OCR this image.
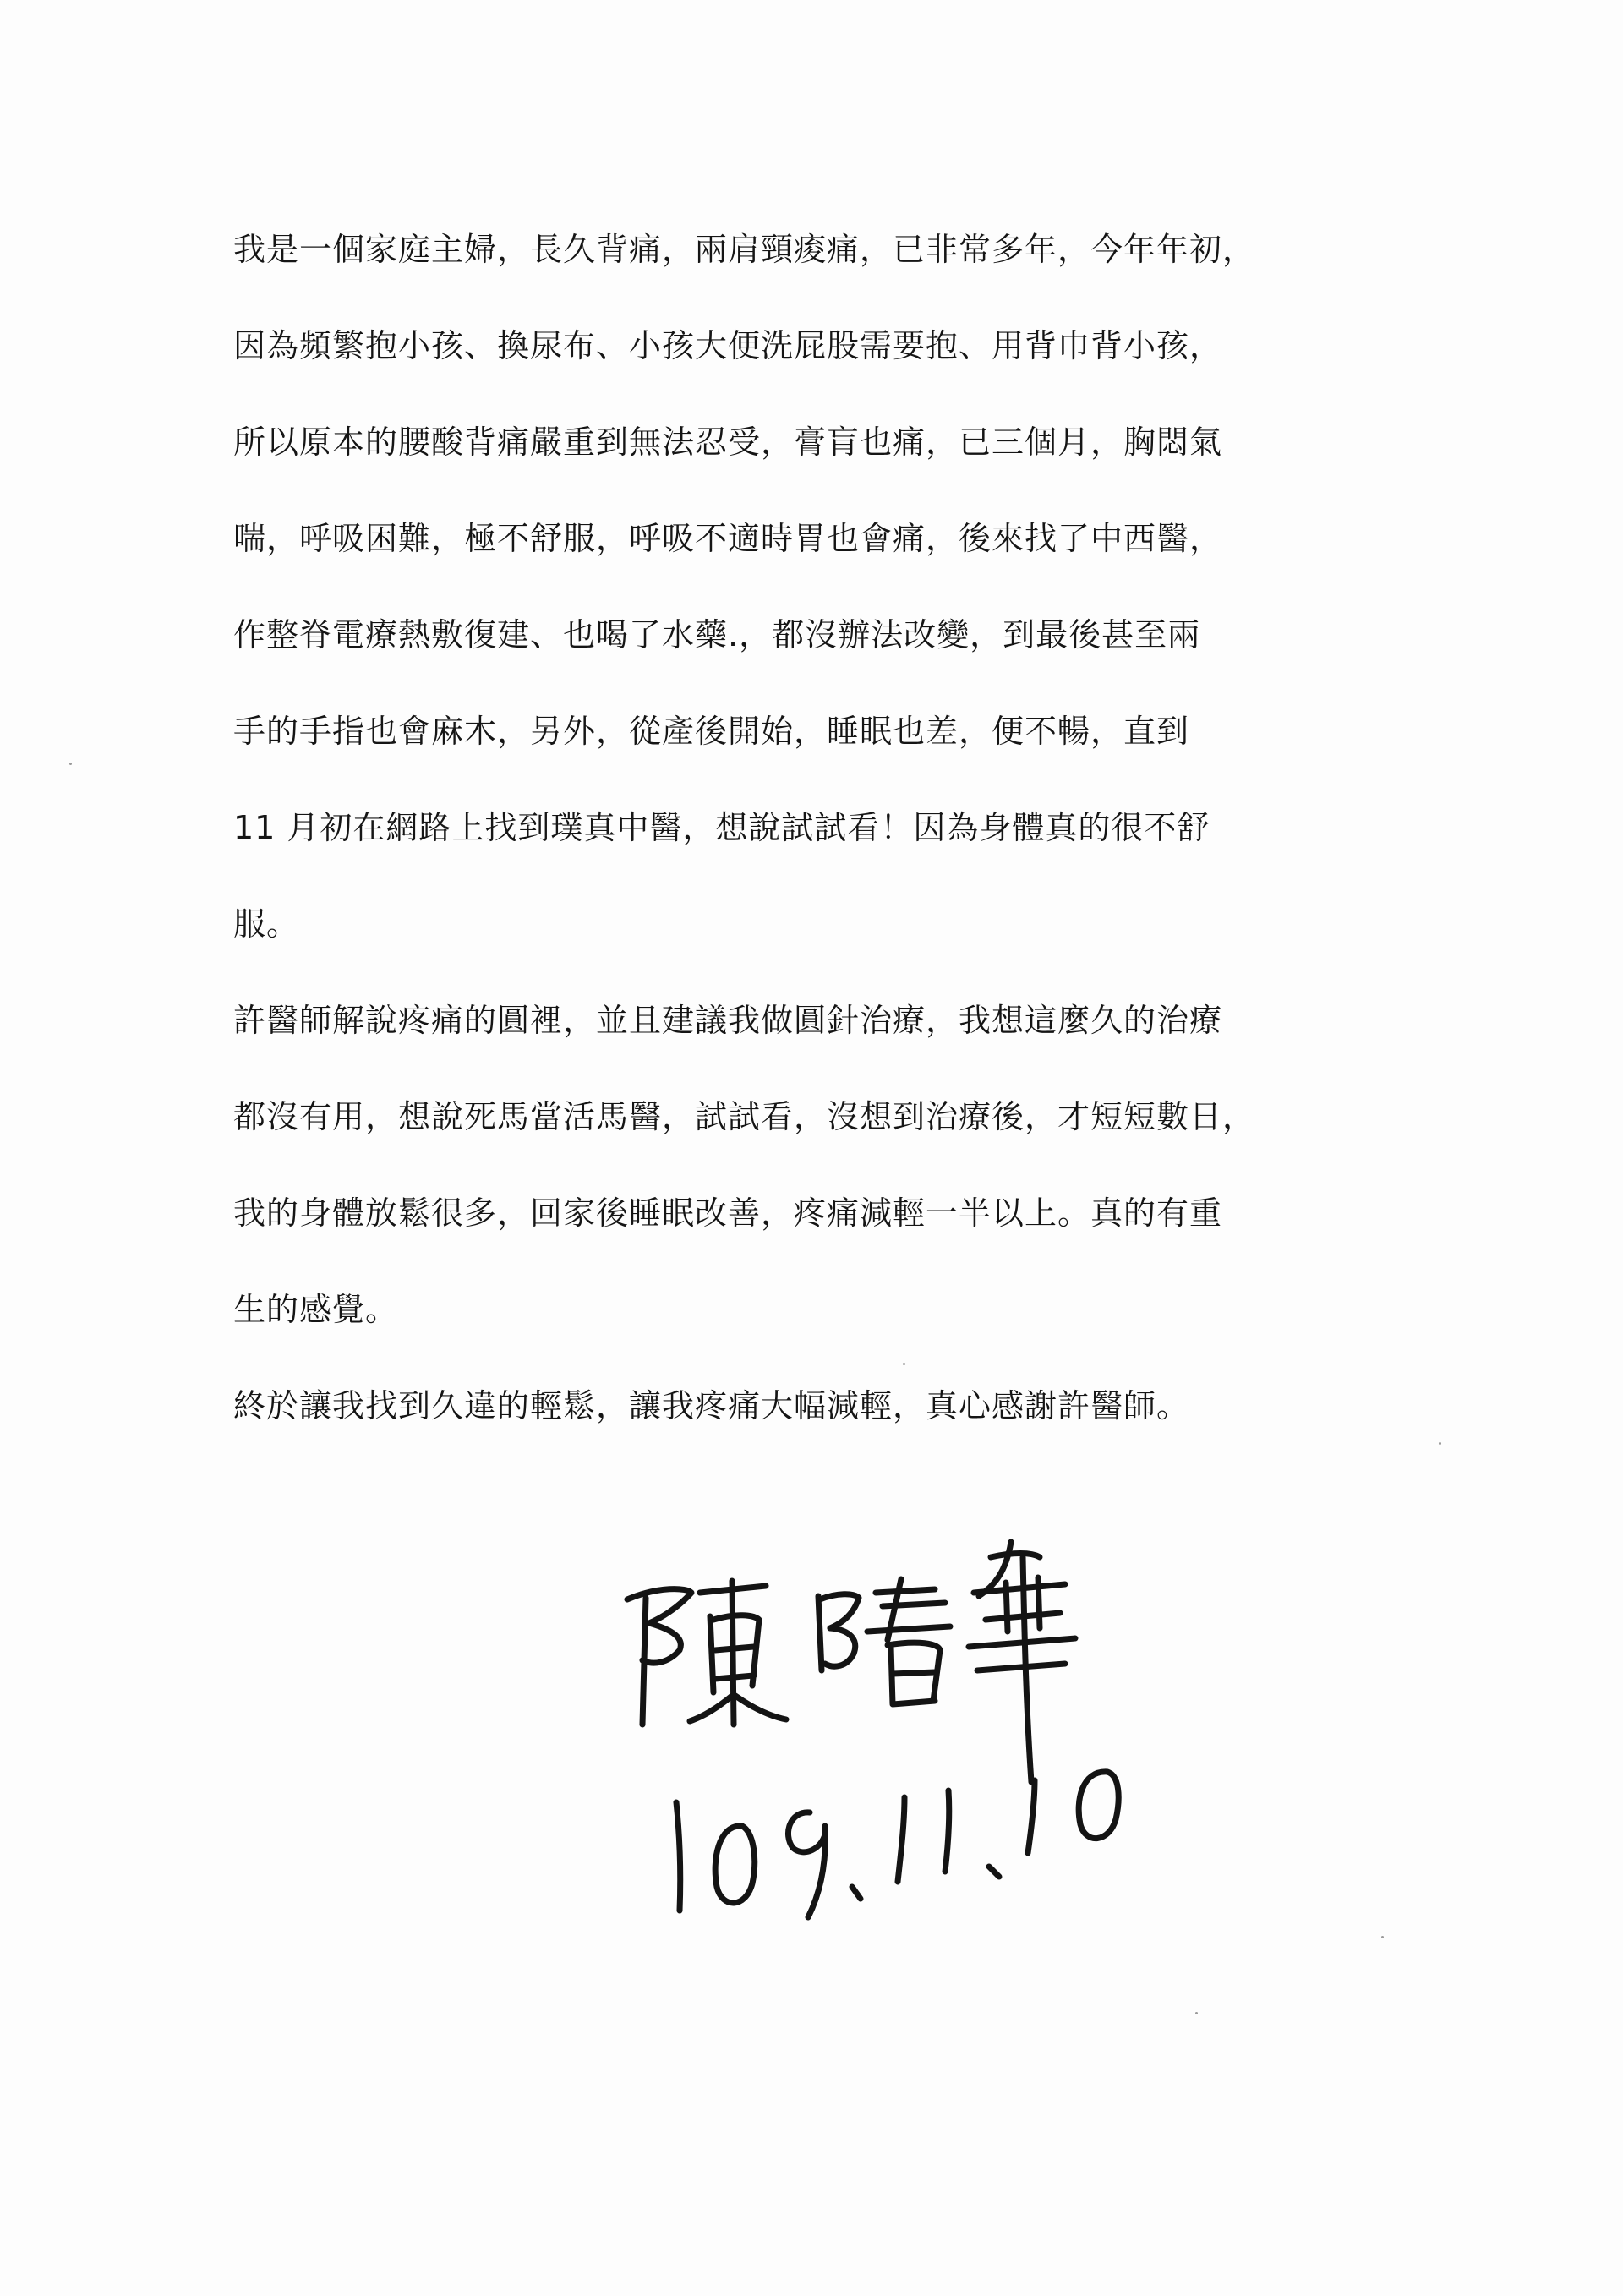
我是一個家庭主婦，長久背痛，兩肩頸痠痛，已非常多年，今年年初，
因為頻繁抱小孩、換尿布、小孩大便洗屁股需要抱、用背巾背小孩，
所以原本的腰酸背痛嚴重到無法忍受，膏肓也痛，已三個月，胸悶氣
喘，呼吸困難，極不舒服，呼吸不適時胃也會痛，後來找了中西醫，
作整脊電療熱敷復建、也喝了水藥.，都沒辦法改變，到最後甚至兩
手的手指也會麻木，另外，從產後開始，睡眠也差，便不暢，直到
11 月初在網路上找到璞真中醫，想說試試看！因為身體真的很不舒
服。
許醫師解說疼痛的圓裡，並且建議我做圓針治療，我想這麼久的治療
都沒有用，想說死馬當活馬醫，試試看，沒想到治療後，才短短數日，
我的身體放鬆很多，回家後睡眠改善，疼痛減輕一半以上。真的有重
生的感覺。
終於讓我找到久違的輕鬆，讓我疼痛大幅減輕，真心感謝許醫師。
